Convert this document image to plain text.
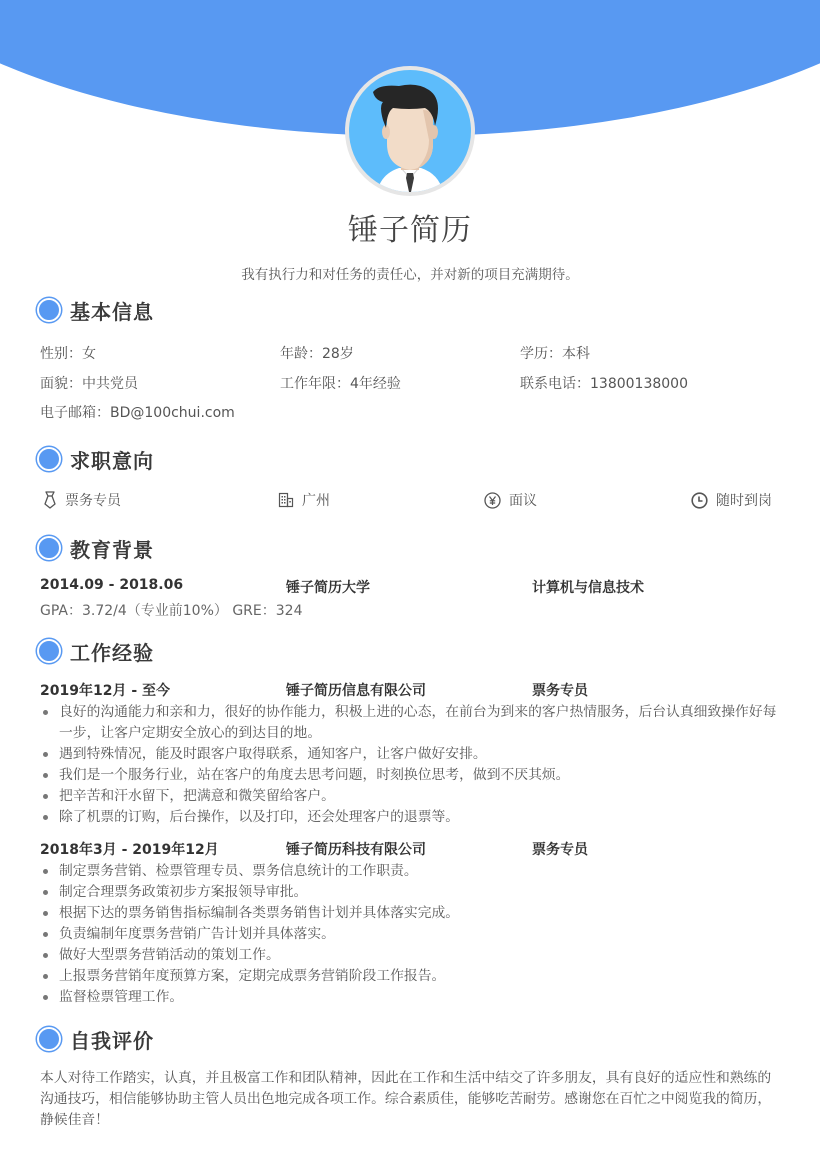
锤子简历
我有执行力和对任务的责任心，并对新的项目充满期待。
基本信息
性别：女	年龄：28岁	学历：本科
面貌：中共党员	工作年限：4年经验	联系电话：13800138000
电子邮箱：BD@100chui.com
求职意向
票务专员	广州	面议	随时到岗
教育背景
2014.09 - 2018.06	锤子简历大学	计算机与信息技术
GPA：3.72/4（专业前10%） GRE：324
工作经验
2019年12月 - 至今	锤子简历信息有限公司	票务专员
良好的沟通能力和亲和力，很好的协作能力，积极上进的心态，在前台为到来的客户热情服务，后台认真细致操作好每一步，让客户定期安全放心的到达目的地。
遇到特殊情况，能及时跟客户取得联系，通知客户，让客户做好安排。
我们是一个服务行业，站在客户的角度去思考问题，时刻换位思考，做到不厌其烦。
把辛苦和汗水留下，把满意和微笑留给客户。
除了机票的订购，后台操作，以及打印，还会处理客户的退票等。
2018年3月 - 2019年12月	锤子简历科技有限公司	票务专员
制定票务营销、检票管理专员、票务信息统计的工作职责。
制定合理票务政策初步方案报领导审批。
根据下达的票务销售指标编制各类票务销售计划并具体落实完成。
负责编制年度票务营销广告计划并具体落实。
做好大型票务营销活动的策划工作。
上报票务营销年度预算方案，定期完成票务营销阶段工作报告。
监督检票管理工作。
自我评价
本人对待工作踏实，认真，并且极富工作和团队精神，因此在工作和生活中结交了许多朋友，具有良好的适应性和熟练的沟通技巧，相信能够协助主管人员出色地完成各项工作。综合素质佳，能够吃苦耐劳。感谢您在百忙之中阅览我的简历，静候佳音！
